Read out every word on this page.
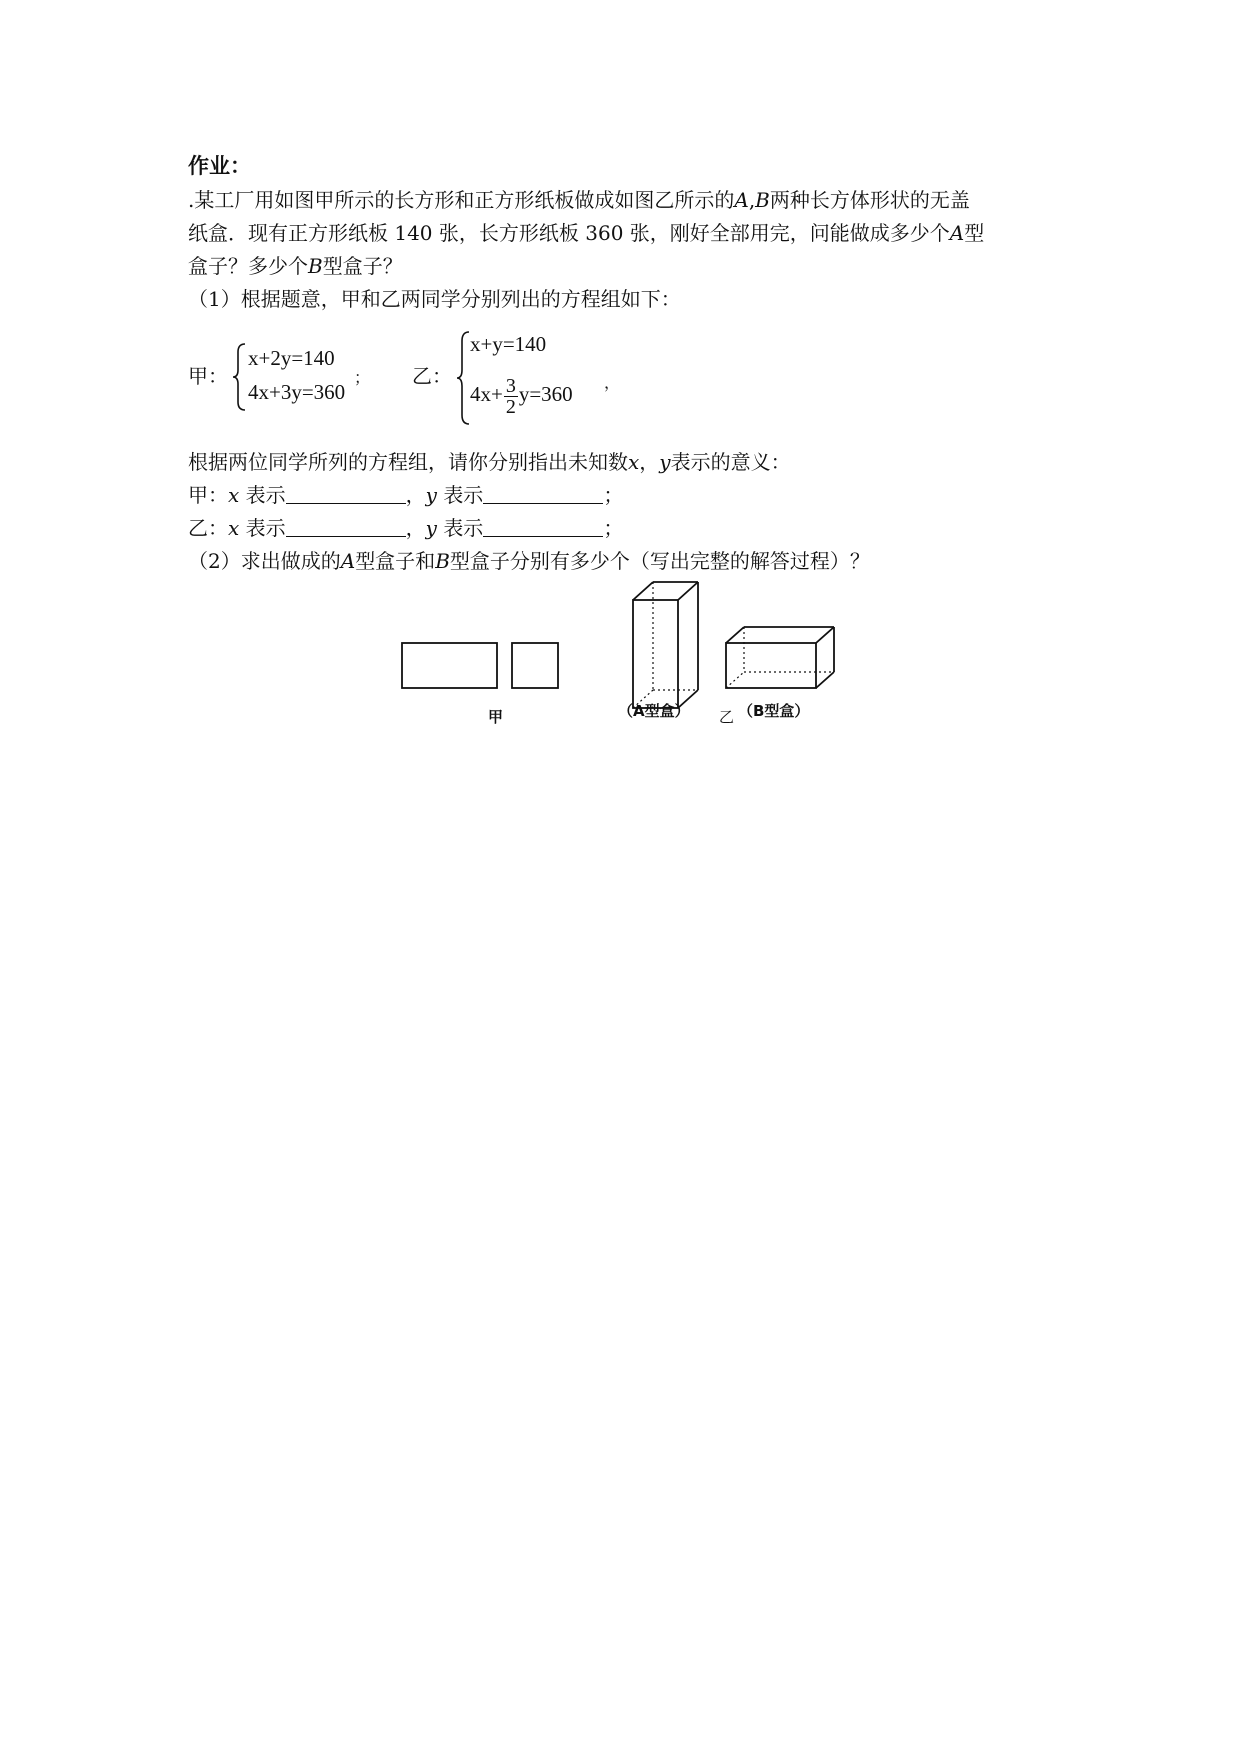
作业：
.某工厂用如图甲所示的长方形和正方形纸板做成如图乙所示的A,B两种长方体形状的无盖
纸盒．现有正方形纸板 140 张，长方形纸板 360 张，刚好全部用完，问能做成多少个A型
盒子？多少个B型盒子？
（1）根据题意，甲和乙两同学分别列出的方程组如下：
甲：
x+2y=140
4x+3y=360
； 乙：
x+y=140
$4x+ \frac{3}{2} y=360$ ，
根据两位同学所列的方程组，请你分别指出未知数x，y表示的意义：
甲：x 表示	，y 表示	；
乙：x 表示	，y 表示	；
（2）求出做成的A型盒子和B型盒子分别有多少个（写出完整的解答过程）？
甲	（A型盒） 乙 （B型盒）
